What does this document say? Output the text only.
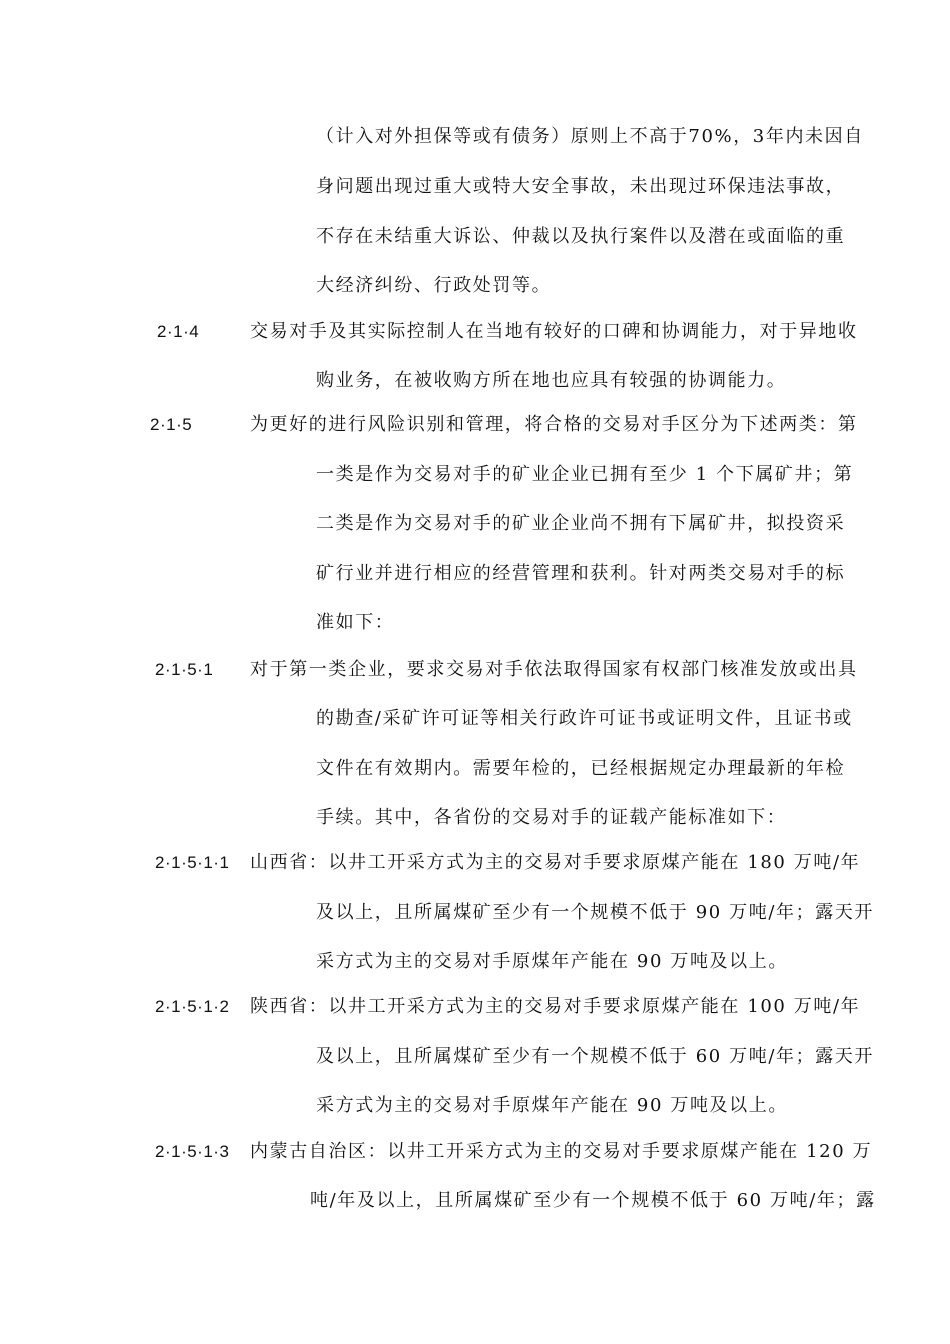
（计入对外担保等或有债务）原则上不高于70%，3年内未因自
身问题出现过重大或特大安全事故，未出现过环保违法事故，
不存在未结重大诉讼、仲裁以及执行案件以及潜在或面临的重
大经济纠纷、行政处罚等。
2·1·4	交易对手及其实际控制人在当地有较好的口碑和协调能力，对于异地收
购业务，在被收购方所在地也应具有较强的协调能力。
2·1·5	为更好的进行风险识别和管理，将合格的交易对手区分为下述两类：第
一类是作为交易对手的矿业企业已拥有至少 1 个下属矿井；第
二类是作为交易对手的矿业企业尚不拥有下属矿井，拟投资采
矿行业并进行相应的经营管理和获利。针对两类交易对手的标
准如下：
2·1·5·1 对于第一类企业，要求交易对手依法取得国家有权部门核准发放或出具
的勘查/采矿许可证等相关行政许可证书或证明文件，且证书或
文件在有效期内。需要年检的，已经根据规定办理最新的年检
手续。其中，各省份的交易对手的证载产能标准如下：
2·1·5·1·1 山西省：以井工开采方式为主的交易对手要求原煤产能在 180 万吨/年
及以上，且所属煤矿至少有一个规模不低于 90 万吨/年；露天开
采方式为主的交易对手原煤年产能在 90 万吨及以上。
2·1·5·1·2 陕西省：以井工开采方式为主的交易对手要求原煤产能在 100 万吨/年
及以上，且所属煤矿至少有一个规模不低于 60 万吨/年；露天开
采方式为主的交易对手原煤年产能在 90 万吨及以上。
2·1·5·1·3 内蒙古自治区：以井工开采方式为主的交易对手要求原煤产能在 120 万
吨/年及以上，且所属煤矿至少有一个规模不低于 60 万吨/年；露
